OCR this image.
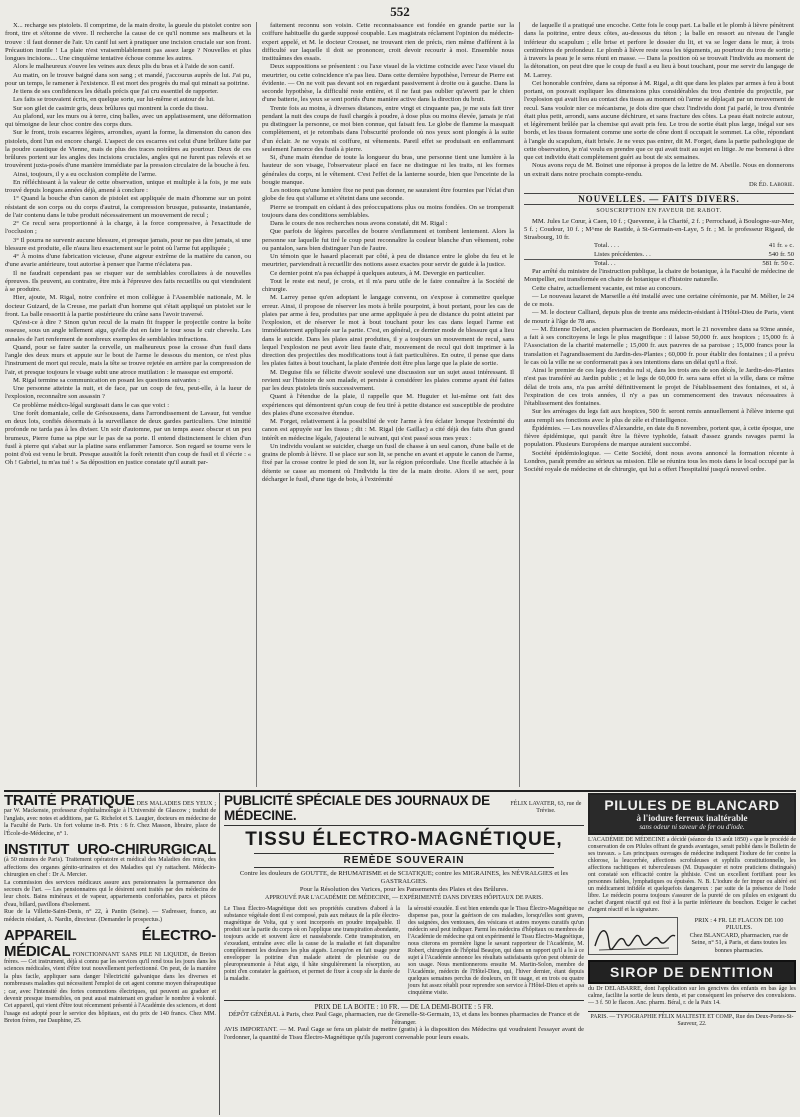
552

X... recharge ses pistolets. Il comprime, de la main droite, la gueule du pistolet contre son front, tire et s'étonne de vivre. Il recherche la cause de ce qu'il nomme ses malheurs et la trouve : il faut donner de l'air. Un canif lui sert à pratiquer une incision cruciale sur son front. Précaution inutile ! La plaie n'est vraisemblablement pas assez large ? Nouvelles et plus longues incisions.... Une cinquième tentative échoue comme les autres.

Alors le malheureux s'ouvre les veines aux deux plis du bras et à l'aide de son canif.

Au matin, on le trouve baigné dans son sang ; et mandé, j'accourus auprès de lui. J'ai pu, pour un temps, le ramener à l'existence. Il est mort des progrès du mal qui minait sa poitrine.

Je tiens de ses confidences les détails précis que j'ai cru essentiel de rapporter.

Les faits se trouvaient écrits, en quelque sorte, sur lui-même et autour de lui.

Sur son gilet de casimir gris, deux brûlures qui montrent la corde du tissu.

Au plafond, sur les murs ou à terre, cinq balles, avec un applatissement, une déformation qui témoigne de leur choc contre des corps durs.

Sur le front, trois escarres légères, arrondies, ayant la forme, la dimension du canon des pistolets, dont l'un est encore chargé. L'aspect de ces escarres est celui d'une brûlure faite par la poudre caustique de Vienne, mais de plus des traces noirâtres au pourtour. Deux de ces brûlures portent sur les angles des incisions cruciales, angles qui ne furent pas relevés et se trouvèrent juxta-posés d'une manière immédiate par la pression circulaire de la bouche à feu.

Ainsi, toujours, il y a eu occlusion complète de l'arme.

En réfléchissant à la valeur de cette observation, unique et multiple à la fois, je me suis trouvé depuis longues années déjà, amené à conclure :

1° Quand la bouche d'un canon de pistolet est appliquée de main d'homme sur un point résistant de son corps ou du corps d'autrui, la compression brusque, puissante, instantanée, de l'air contenu dans le tube produit nécessairement un mouvement de recul ;

2° Ce recul sera proportionné à la charge, à la force compressive, à l'exactitude de l'occlusion ;

3° Il pourra ne survenir aucune blessure, et presque jamais, pour ne pas dire jamais, si une blessure est produite, elle n'aura lieu exactement sur le point où l'arme fut appliquée ;

4° À moins d'une fabrication vicieuse, d'une aigreur extrême de la matière du canon, ou d'une avarie antérieure, tout autorise à penser que l'arme n'éclatera pas.

Il ne faudrait cependant pas se risquer sur de semblables corollaires à de nouvelles épreuves. Ils peuvent, au contraire, être mis à l'épreuve des faits recueillis ou qui viendraient à se produire.

Hier, ajoute, M. Rigal, notre confrère et mon collègue à l'Assemblée nationale, M. le docteur Guizard, de la Creuse, me parlait d'un homme qui s'était appliqué un pistolet sur le front. La balle ressortit à la partie postérieure du crâne sans l'avoir traversé.

Qu'est-ce à dire ? Sinon qu'un recul de la main fit frapper le projectile contre la boîte osseuse, sous un angle tellement aigu, qu'elle dut en faire le tour sous le cuir chevelu. Les annales de l'art renferment de nombreux exemples de semblables infractions.

Quand, pour se faire sauter la cervelle, un malheureux pose la crosse d'un fusil dans l'angle des deux murs et appuie sur le bout de l'arme le dessous du menton, ce n'est plus l'instrument de mort qui recule, mais la tête se trouve rejetée en arrière par la compression de l'air, et presque toujours le visage subit une atroce mutilation : le massque est emporté.

M. Rigal termine sa communication en posant les questions suivantes :

Une personne atteinte la nuit, et de face, par un coup de feu, peut-elle, à la lueur de l'explosion, reconnaître son assassin ?

Ce problème médico-légal surgissait dans le cas que voici :

Une forêt domaniale, celle de Grésoussens, dans l'arrondissement de Lavaur, fut vendue en deux lots, confiés désormais à la surveillance de deux gardes particuliers. Une inimitié profonde ne tarda pas à les diviser. Un soir d'automne, par un temps assez obscur et un peu brumeux, Pierre fume sa pipe sur le pas de sa porte. Il entend distinctement le chien d'un fusil à pierre qui s'abat sur la platine sans enflammer l'amorce. Son regard se tourne vers le point d'où est venu le bruit. Presque aussitôt la forêt retentit d'un coup de fusil et il s'écrie : « Oh ! Gabriel, tu m'as tué ! » Sa déposition en justice constate qu'il aurait par-

faitement reconnu son voisin. Cette reconnaissance est fondée en grande partie sur la coiffure habituelle du garde supposé coupable. Les magistrats réclament l'opinion du médecin-expert appelé, et M. le docteur Crouset, ne trouvant rien de précis, rien même d'afférent à la difficulté sur laquelle il doit se prononcer, croit devoir recourir à moi. Ensemble nous instituâmes des essais.

Deux suppositions se présentent : ou l'axe visuel de la victime coïncide avec l'axe visuel du meurtrier, ou cette coïncidence n'a pas lieu. Dans cette dernière hypothèse, l'erreur de Pierre est évidente. — On ne voit pas devant soi en regardant passivement à droite ou à gauche. Dans la seconde hypothèse, la difficulté reste entière, et il ne faut pas oublier qu'averti par le chien d'une batterie, les yeux se sont portés d'une manière active dans la direction du bruit.

Trente fois au moins, à diverses distances, entre vingt et cinquante pas, je me suis fait tirer pendant la nuit des coups de fusil chargés à poudre, à dose plus ou moins élevée, jamais je n'ai pu distinguer la personne, ce moi bien connue, qui faisait feu. Le globe de flamme la masquait complètement, et je retombais dans l'obscurité profonde où nos yeux sont plongés à la suite d'un éclair. Je ne voyais ni coiffure, ni vêtements. Pareil effet se produisait en enflammant seulement l'amorce des fusils à pierre.

Si, d'une main étendue de toute la longueur du bras, une personne tient une lumière à la hauteur de son visage, l'observateur placé en face ne distingue ni les traits, ni les formes générales du corps, ni le vêtement. C'est l'effet de la lanterne sourde, bien que l'enceinte de la bougie manque.

Les notions qu'une lumière fixe ne peut pas donner, ne sauraient être fournies par l'éclat d'un globe de feu qui s'allume et s'éteint dans une seconde.

Pierre se trompait en cédant à des préoccupations plus ou moins fondées. On se tromperait toujours dans des conditions semblables.

Dans le cours de nos recherches nous avons constaté, dit M. Rigal :

Que parfois de légères parcelles de bourre s'enflamment et tombent lentement. Alors la personne sur laquelle fut tiré le coup peut reconnaître la couleur blanche d'un vêtement, robe ou pantalon, sans bien distinguer l'un de l'autre.

Un témoin que le hasard placerait par côté, à peu de distance entre le globe du feu et le meurtrier, parviendrait à recueillir des notions assez exactes pour servir de guide à la justice.

Ce dernier point n'a pas échappé à quelques auteurs, à M. Devergie en particulier.

Tout le reste est neuf, je crois, et il m'a paru utile de le faire connaître à la Société de chirurgie.

M. Larrey pense qu'en adoptant le langage convenu, on s'expose à commettre quelque erreur. Ainsi, il propose de réserver les mots à brûle pourpoint, à bout portant, pour les cas de plaies par arme à feu, produites par une arme appliquée à peu de distance du point atteint par l'explosion, et de réserver le mot à bout touchant pour les cas dans lequel l'arme est immédiatement appliquée sur la partie. C'est, en général, ce dernier mode de blessure qui a lieu dans le suicide. Dans les plaies ainsi produites, il y a toujours un mouvement de recul, sans lequel l'explosion ne peut avoir lieu faute d'air, mouvement de recul qui doit imprimer à la direction des projectiles des modifications tout à fait particulières. En outre, il pense que dans les plaies faites à bout touchant, la plaie d'entrée doit être plus large que la plaie de sortie.

M. Deguise fils se félicite d'avoir soulevé une discussion sur un sujet aussi intéressant. Il revient sur l'histoire de son malade, et persiste à considérer les plaies comme ayant été faites par les deux pistolets tirés successivement.

Quant à l'étendue de la plaie, il rappelle que M. Huguier et lui-même ont fait des expériences qui démontrent qu'un coup de feu tiré à petite distance est susceptible de produire des plaies d'une excessive étendue.

M. Forget, relativement à la possibilité de voir l'arme à feu éclater lorsque l'extrémité du canon est appuyée sur les tissus ; dit : M. Rigal (de Gaillac) a cité déjà des faits d'un grand intérêt en médecine légale, j'ajouterai le suivant, qui s'est passé sous mes yeux :

Un individu voulant se suicider, charge un fusil de chasse à un seul canon, d'une balle et de grains de plomb à lièvre. Il se place sur son lit, se penche en avant et appuie le canon de l'arme, fixé par la crosse contre le pied de son lit, sur la région précordiale. Une ficelle attachée à la détente se casse au moment où l'individu la tire de la main droite. Alors il se sert, pour décharger le fusil, d'une tige de bois, à l'extrémité

de laquelle il a pratiqué une encoche. Cette fois le coup part. La balle et le plomb à lièvre pénètrent dans la poitrine, entre deux côtes, au-dessous du téton ; la balle en ressort au niveau de l'angle inférieur du scapulum ; elle brise et perfore le dossier du lit, et va se loger dans le mur, à trois centimètres de profondeur. Le plomb à lièvre reste sous les téguments, au pourtour du trou de sortie ; à travers la peau je le sens réuni en masse. — Dans la position où se trouvait l'individu au moment de la détonation, on peut dire que le coup de fusil a eu lieu à bout touchant, pour me servir du langage de M. Larrey.

Cet honorable confrère, dans sa réponse à M. Rigal, a dit que dans les plaies par armes à feu à bout portant, on pouvait expliquer les dimensions plus considérables du trou d'entrée du projectile, par l'explosion qui avait lieu au contact des tissus au moment où l'arme se déplaçait par un mouvement de recul. Sans vouloir nier ce mécanisme, je dois dire que chez l'individu dont j'ai parlé, le trou d'entrée était plus petit, arrondi, sans aucune déchirure, et sans fracture des côtes. La peau était noircie autour, et légèrement brûlée par la chemise qui avait pris feu. Le trou de sortie était plus large, inégal sur ses bords, et les tissus formaient comme une sorte de cône dont il occupait le sommet. La côte, répondant à l'angle du scapulum, était brisée. Je ne veux pas entrer, dit M. Forget, dans la partie pathologique de cette observation, je n'ai voulu en prendre que ce qui avait trait au sujet en litige. Je me bornerai à dire que cet individu était complètement guéri au bout de six semaines.

Nous avons reçu de M. Boinet une réponse à propos de la lettre de M. Abeille. Nous en donnerons un extrait dans notre prochain compte-rendu.

Dr Éd. Laborie.
NOUVELLES. — FAITS DIVERS.
SOUSCRIPTION EN FAVEUR DE RABOT.

MM. Jules Le Cœur, à Caen, 10 f. ; Quevenne, à la Charité, 2 f. ; Perrochaud, à Boulogne-sur-Mer, 5 f. ; Coudour, 10 f. ; M^me de Rastide, à St-Germain-en-Laye, 5 fr. ; M. le professeur Rigaud, de Strasbourg, 10 fr.

Total. . . .	41 fr. » c.
Listes précédentes. . .	540 fr. 50
Total. . .	581 fr. 50 c.

Par arrêté du ministre de l'instruction publique, la chaire de botanique, à la Faculté de médecine de Montpellier, est transformée en chaire de botanique et d'histoire naturelle.

Cette chaire, actuellement vacante, est mise au concours.

— Le nouveau lazaret de Marseille a été installé avec une certaine cérémonie, par M. Mélier, le 24 de ce mois.

— M. le docteur Calliard, depuis plus de trente ans médecin-résidant à l'Hôtel-Dieu de Paris, vient de mourir à l'âge de 78 ans.

— M. Étienne Delort, ancien pharmacien de Bordeaux, mort le 21 novembre dans sa 93me année, a fait à ses concitoyens le legs le plus magnifique : il laisse 50,000 fr. aux hospices ; 15,000 fr. à l'Association de la charité maternelle ; 15,000 fr. aux pauvres de sa paroisse ; 15,000 francs pour la translation et l'agrandissement du Jardin-des-Plantes ; 60,000 fr. pour établir des fontaines ; il a prévu le cas où la ville ne se conformerait pas à ses intentions dans un délai qu'il a fixé.

Ainsi le premier de ces legs deviendra nul si, dans les trois ans de son décès, le Jardin-des-Plantes n'est pas transféré au Jardin public ; et le legs de 60,000 fr. sera sans effet si la ville, dans ce même délai de trois ans, n'a pas arrêté définitivement le projet de l'établissement des fontaines, et si, à l'expiration de ces trois années, il n'y a pas un commencement des travaux nécessaires à l'établissement des fontaines.

Sur les arrérages du legs fait aux hospices, 500 fr. seront remis annuellement à l'élève interne qui aura rempli ses fonctions avec le plus de zèle et d'intelligence.

Épidémies. — Les nouvelles d'Alexandrie, en date du 8 novembre, portent que, à cette époque, une fièvre épidémique, qui paraît être la fièvre typhoïde, faisait d'assez grands ravages parmi la population. Plusieurs Européens de marque auraient succombé.

Société épidémiologique. — Cette Société, dont nous avons annoncé la formation récente à Londres, paraît prendre au sérieux sa mission. Elle se réunira tous les mois dans le local occupé par la Société royale de médecine et de chirurgie, qui lui a offert l'hospitalité jusqu'à nouvel ordre.

TRAITÉ PRATIQUE DES MALADIES DES YEUX ; par W. Mackensie, professeur d'ophthalmologie à l'Université de Glascow ; traduit de l'anglais, avec notes et additions, par G. Richelot et S. Laugier, docteurs en médecine de la Faculté de Paris. Un fort volume in-8. Prix : 6 fr. Chez Masson, libraire, place de l'École-de-Médecine, n° 1.
INSTITUT URO-CHIRURGICAL (à 50 minutes de Paris). Traitement opératoire et médical des Maladies des reins, des affections des organes génito-urinaires et des Maladies qui s'y rattachent. Médecin-chirurgien en chef : Dr A. Mercier.
La commission des services médicaux assure aux pensionnaires la permanence des secours de l'art. — Les pensionnaires qui le désirent sont traités par des médecins de leur choix. Bains minéraux et de vapeur, appartements confortables, parcs et pièces d'eau, billard, pavillons d'isolement.
Rue de la Villette-Saint-Denis, n° 22, à Pantin (Seine). — S'adresser, franco, au médecin résidant, A. Nardin, directeur. (Demander le prospectus.)
APPAREIL ÉLECTRO-MÉDICAL FONCTIONNANT SANS PILE NI LIQUIDE, de Breton frères. — Cet instrument, déjà si connu par les services qu'il rend tous les jours dans les sciences médicales, vient d'être tout nouvellement perfectionné. On peut, de la manière la plus facile, appliquer sans danger l'électricité galvanique dans les diverses et nombreuses maladies qui nécessitent l'emploi de cet agent comme moyen thérapeutique ; car, avec l'intensité des fortes commotions électriques, qui peuvent au graduer et devenir presque insensibles, on peut aussi maintenant en graduer le nombre à volonté. Cet appareil, qui vient d'être tout récemment présenté à l'Académie des sciences, et dont l'usage est adopté pour le service des hôpitaux, est du prix de 140 francs. Chez MM. Breton frères, rue Dauphine, 25.
PUBLICITÉ SPÉCIALE DES JOURNAUX DE MÉDECINE.
FÉLIX LAVATER, 63, rue de Trévise.
TISSU ÉLECTRO-MAGNÉTIQUE,
REMÈDE SOUVERAIN
Contre les douleurs de GOUTTE, de RHUMATISME et de SCIATIQUE; contre les MIGRAINES, les NÉVRALGIES et les GASTRALGIES.
Pour la Résolution des Varices, pour les Pansements des Plaies et des Brûlures.
APPROUVÉ PAR L'ACADÉMIE DE MÉDECINE, — EXPÉRIMENTÉ DANS DIVERS HÔPITAUX DE PARIS.
Le Tissu Électro-Magnétique doit ses propriétés curatives d'abord à la substance végétale dont il est composé, puis aux métaux de la pile électro-magnétique de Volta, qui y sont incorporés en poudre impalpable. Il produit sur la partie du corps où on l'applique une transpiration abondante, toujours acide et souvent âcre et nauséabonde. Cette transpiration, en s'exsudant, entraîne avec elle la cause de la maladie et fait disparaître complètement les douleurs les plus aiguës. Lorsqu'on en fait usage pour envelopper la poitrine d'un malade atteint de pleurésie ou de pleuropneumonie à l'état aigu, il hâte singulièrement la résorption, au point d'en constater la guérison, et permet de fixer à coup sûr la durée de la maladie.
la sérosité exsudée. Il est bien entendu que le Tissu Électro-Magnétique ne dispense pas, pour la guérison de ces maladies, lorsqu'elles sont graves, des saignées, des ventouses, des vésicans et autres moyens curatifs qu'un médecin seul peut indiquer. Parmi les médecins d'hôpitaux ou membres de l'Académie de médecine qui ont expérimenté le Tissu Électro-Magnétique, nous citerons en première ligne le savant rapporteur de l'Académie, M. Robert, chirurgien de l'hôpital Beaujon, qui dans un rapport qu'il a lu à ce sujet à l'Académie annonce les résultats satisfaisants qu'on peut obtenir de son usage. Nous mentionnerons ensuite M. Martin-Solon, membre de l'Académie, médecin de l'Hôtel-Dieu, qui, l'hiver dernier, étant depuis quelques semaines perclus de douleurs, en fit usage, et en trois ou quatre jours fut assez rétabli pour reprendre son service à l'Hôtel-Dieu et après sa cinquième visite.
PRIX DE LA BOITE : 10 FR. — DE LA DEMI-BOITE : 5 FR.
DÉPÔT GÉNÉRAL à Paris, chez Paul Gage, pharmacien, rue de Grenelle-St-Germain, 13, et dans les bonnes pharmacies de France et de l'étranger.
AVIS IMPORTANT. — M. Paul Gage se fera un plaisir de mettre (gratis) à la disposition des Médecins qui voudraient l'essayer avant de l'ordonner, la quantité de Tissu Électro-Magnétique qu'ils jugeront convenable pour leurs essais.
PILULES DE BLANCARD
à l'iodure ferreux inaltérable
sans odeur ni saveur de fer ou d'iode.
L'ACADÉMIE DE MÉDECINE a décidé (séance du 13 août 1850) « que le procédé de conservation de ces Pilules offrant de grands avantages, serait publié dans le Bulletin de ses travaux. » Les principaux ouvrages de médecine indiquent l'iodure de fer contre la chlorose, la leucorrhée, affections scrofuleuses et syphilis constitutionnelle, les affections rachitiques et tuberculeuses (M. Dupasquier et notre praticiens distingués) ont constaté son efficacité contre la phthisie. C'est un excellent fortifiant pour les personnes faibles, lymphatiques ou épuisées. N. B. L'iodure de fer impur ou altéré est un médicament infidèle et quelquefois dangereux : par suite de la présence de l'iode libre. Le médecin pourra toujours s'assurer de la pureté de ces pilules en exigeant du cachet d'argent réactif qui est fixé à la partie inférieure du bouchon. Exiger le cachet d'argent réactif et la signature.
PRIX : 4 FR. LE FLACON DE 100 PILULES.
Chez BLANCARD, pharmacien, rue de Seine, n° 51, à Paris, et dans toutes les bonnes pharmacies.
SIROP DE DENTITION
du Dr DELABARRE, dont l'application sur les gencives des enfants en bas âge les calme, facilite la sortie de leurs dents, et par conséquent les préserve des convulsions. — 3 f. 50 le flacon. Anc. pharm. Béral, r. de la Paix 14.
PARIS. — TYPOGRAPHIE FÉLIX MALTESTE ET COMP., Rue des Deux-Portes-St-Sauveur, 22.
